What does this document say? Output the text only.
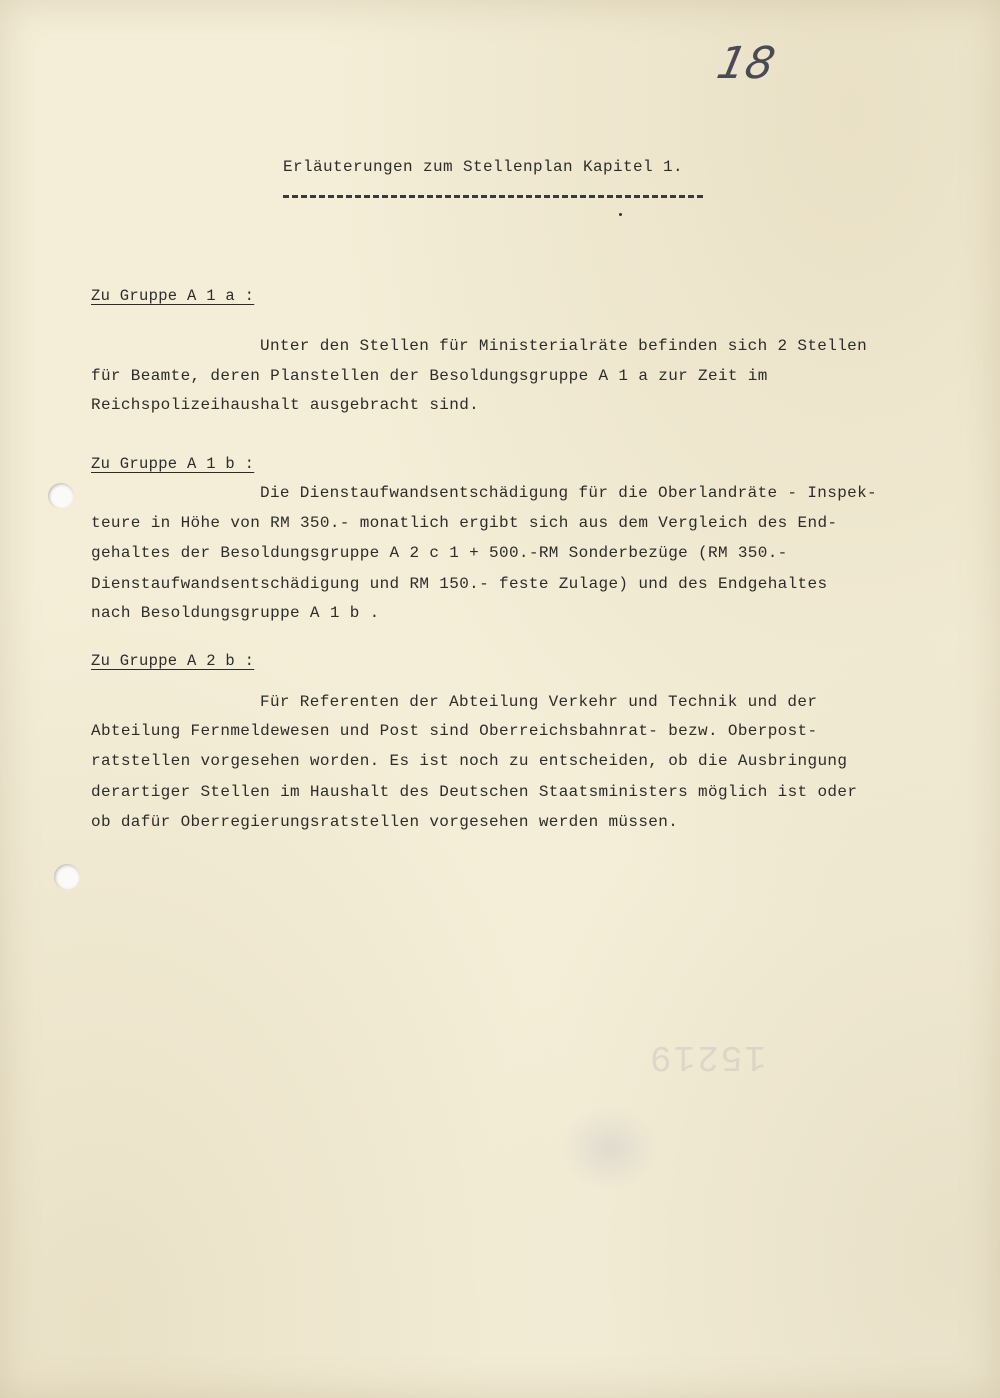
18
Erläuterungen zum Stellenplan Kapitel 1.
Zu Gruppe A 1 a :
Unter den Stellen für Ministerialräte befinden sich 2 Stellen
für Beamte, deren Planstellen der Besoldungsgruppe A 1 a zur Zeit im
Reichspolizeihaushalt ausgebracht sind.
Zu Gruppe A 1 b :
Die Dienstaufwandsentschädigung für die Oberlandräte - Inspek-
teure in Höhe von RM 350.- monatlich ergibt sich aus dem Vergleich des End-
gehaltes der Besoldungsgruppe A 2 c 1 + 500.-RM Sonderbezüge (RM 350.-
Dienstaufwandsentschädigung und RM 150.- feste Zulage) und des Endgehaltes
nach Besoldungsgruppe A 1 b .
Zu Gruppe A 2 b :
Für Referenten der Abteilung Verkehr und Technik und der
Abteilung Fernmeldewesen und Post sind Oberreichsbahnrat- bezw. Oberpost-
ratstellen vorgesehen worden. Es ist noch zu entscheiden, ob die Ausbringung
derartiger Stellen im Haushalt des Deutschen Staatsministers möglich ist oder
ob dafür Oberregierungsratstellen vorgesehen werden müssen.
15219
